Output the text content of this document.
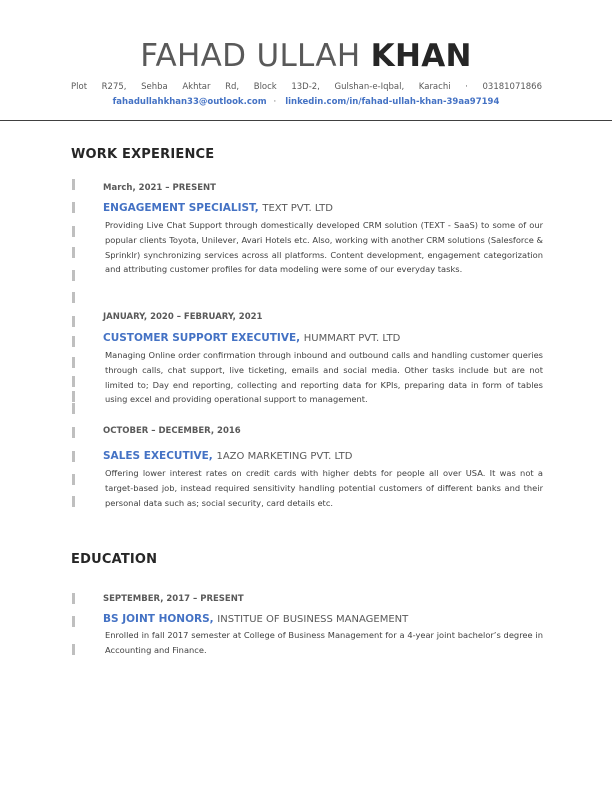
FAHAD ULLAH KHAN
Plot R275, Sehba Akhtar Rd, Block 13D-2, Gulshan-e-Iqbal, Karachi · 03181071866
fahadullahkhan33@outlook.com · linkedin.com/in/fahad-ullah-khan-39aa97194
WORK EXPERIENCE
March, 2021 – PRESENT
ENGAGEMENT SPECIALIST, TEXT PVT. LTD
Providing Live Chat Support through domestically developed CRM solution (TEXT - SaaS) to some of our popular clients Toyota, Unilever, Avari Hotels etc. Also, working with another CRM solutions (Salesforce & Sprinklr) synchronizing services across all platforms. Content development, engagement categorization and attributing customer profiles for data modeling were some of our everyday tasks.
JANUARY, 2020 – FEBRUARY, 2021
CUSTOMER SUPPORT EXECUTIVE, HUMMART PVT. LTD
Managing Online order confirmation through inbound and outbound calls and handling customer queries through calls, chat support, live ticketing, emails and social media. Other tasks include but are not limited to; Day end reporting, collecting and reporting data for KPIs, preparing data in form of tables using excel and providing operational support to management.
OCTOBER – DECEMBER, 2016
SALES EXECUTIVE, 1AZO MARKETING PVT. LTD
Offering lower interest rates on credit cards with higher debts for people all over USA. It was not a target-based job, instead required sensitivity handling potential customers of different banks and their personal data such as; social security, card details etc.
EDUCATION
SEPTEMBER, 2017 – PRESENT
BS JOINT HONORS, INSTITUE OF BUSINESS MANAGEMENT
Enrolled in fall 2017 semester at College of Business Management for a 4-year joint bachelor’s degree in Accounting and Finance.
